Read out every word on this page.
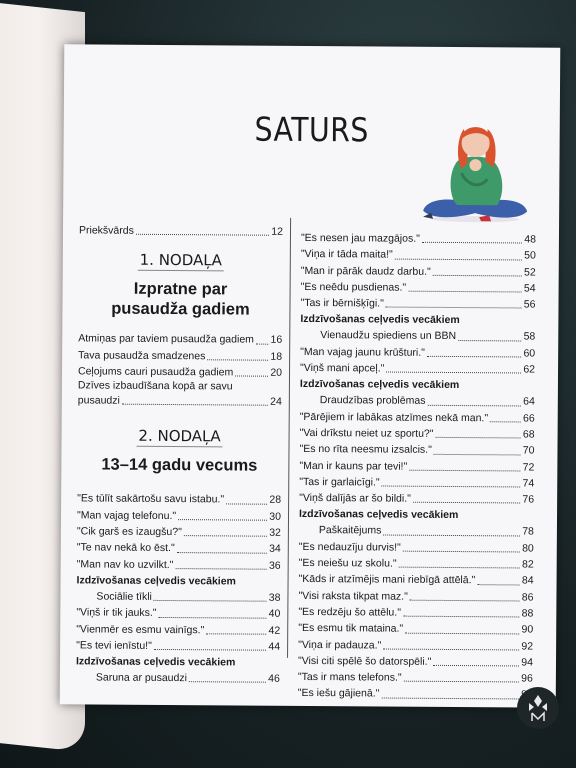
SATURS
Priekšvārds	12
1. NODAĻA
Izpratne par
pusaudža gadiem
Atmiņas par taviem pusaudža gadiem 16
Tava pusaudža smadzenes	18
Ceļojums cauri pusaudža gadiem	20
Dzīves izbaudīšana kopā ar savu
pusaudzi	24
2. NODAĻA
13–14 gadu vecums
"Es tūlīt sakārtošu savu istabu."	28
"Man vajag telefonu."	30
"Cik garš es izaugšu?"	32
"Te nav nekā ko ēst."	34
"Man nav ko uzvilkt."	36
Izdzīvošanas ceļvedis vecākiem
Sociālie tīkli	38
"Viņš ir tik jauks."	40
"Vienmēr es esmu vainīgs."	42
"Es tevi ienīstu!"	44
Izdzīvošanas ceļvedis vecākiem
Saruna ar pusaudzi	46
"Es nesen jau mazgājos."	48
"Viņa ir tāda maita!"	50
"Man ir pārāk daudz darbu."	52
"Es neēdu pusdienas."	54
"Tas ir bērnišķīgi."	56
Izdzīvošanas ceļvedis vecākiem
Vienaudžu spiediens un BBN	58
"Man vajag jaunu krūšturi."	60
"Viņš mani apceļ."	62
Izdzīvošanas ceļvedis vecākiem
Draudzības problēmas	64
"Pārējiem ir labākas atzīmes nekā man."	66
"Vai drīkstu neiet uz sportu?"	68
"Es no rīta neesmu izsalcis."	70
"Man ir kauns par tevi!"	72
"Tas ir garlaicīgi."	74
"Viņš dalījās ar šo bildi."	76
Izdzīvošanas ceļvedis vecākiem
Paškaitējums	78
"Es nedauzīju durvis!"	80
"Es neiešu uz skolu."	82
"Kāds ir atzīmējis mani riebīgā attēlā."	84
"Visi raksta tikpat maz."	86
"Es redzēju šo attēlu."	88
"Es esmu tik mataina."	90
"Viņa ir padauza."	92
"Visi citi spēlē šo datorspēli."	94
"Tas ir mans telefons."	96
"Es iešu gājienā."
